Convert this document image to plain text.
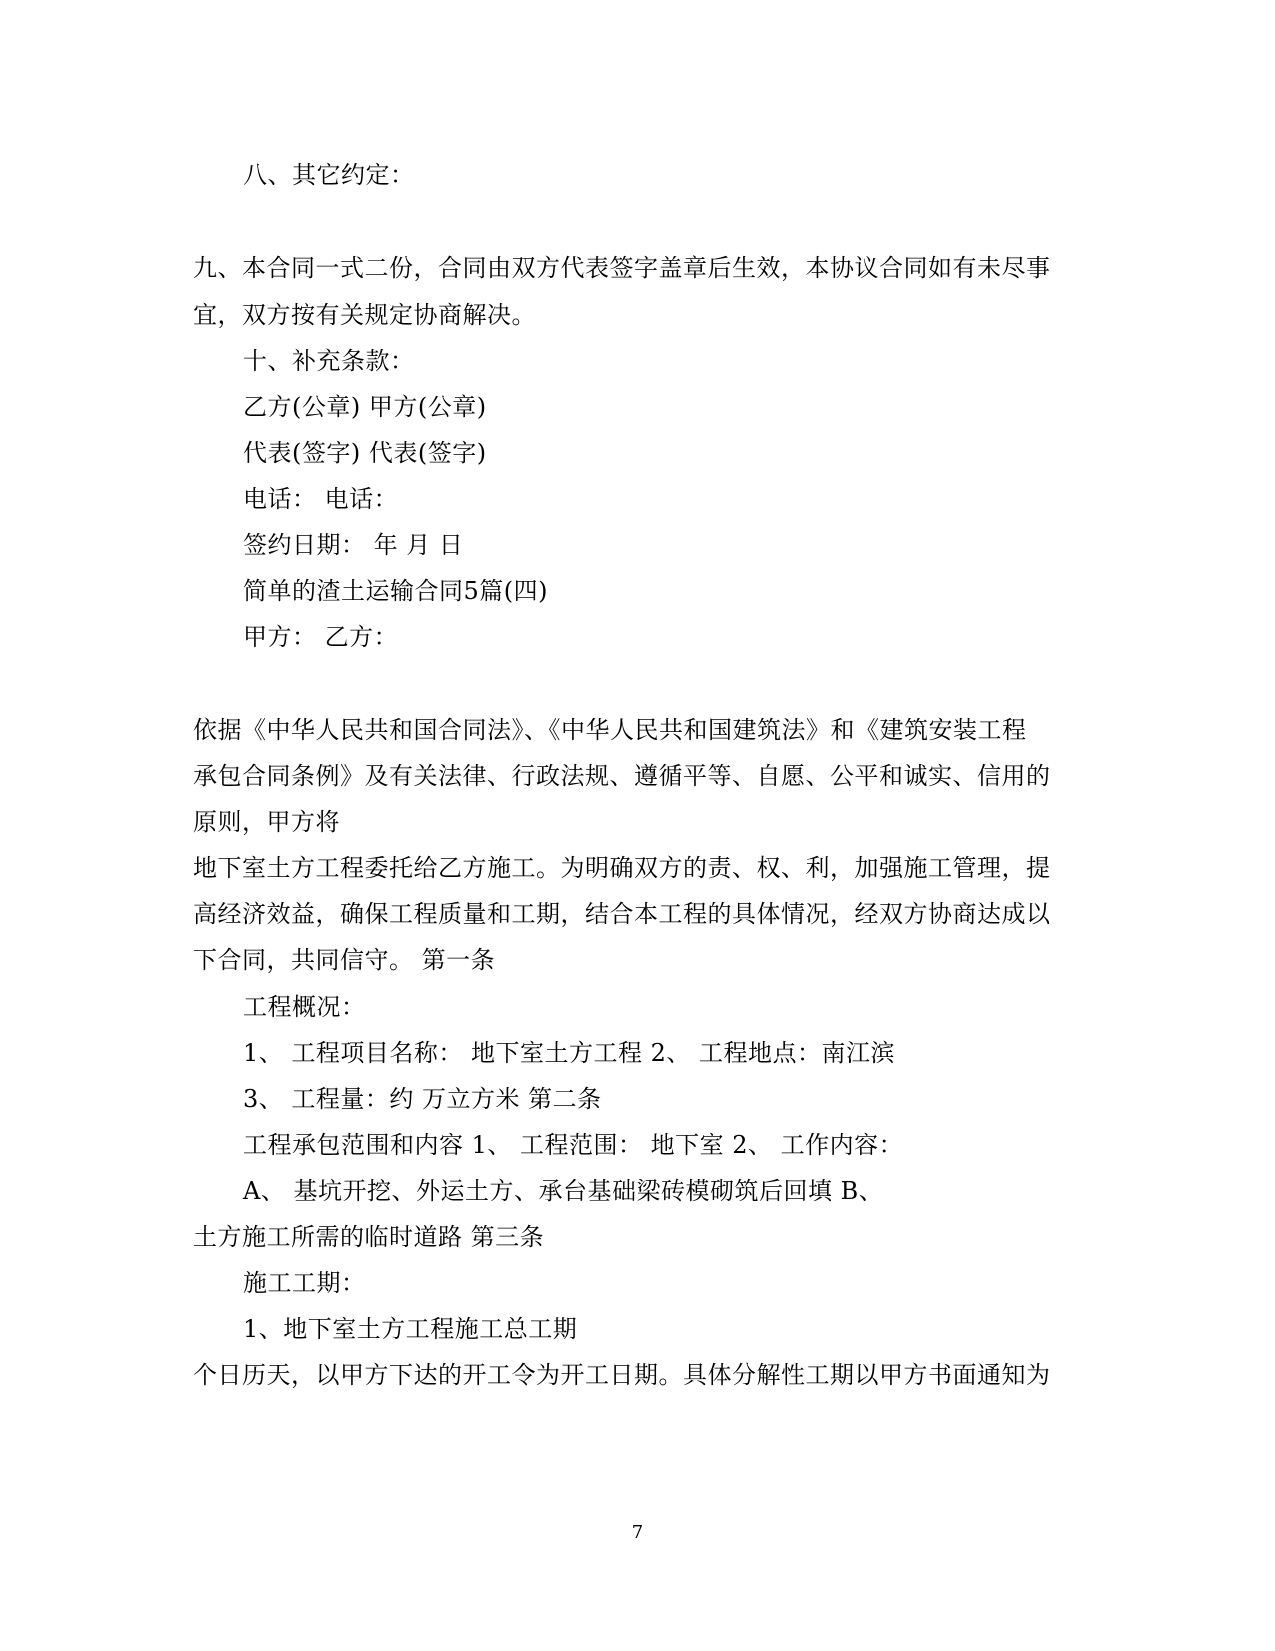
八、其它约定：
九、本合同一式二份，合同由双方代表签字盖章后生效，本协议合同如有未尽事
宜，双方按有关规定协商解决。
十、补充条款：
乙方(公章) 甲方(公章)
代表(签字) 代表(签字)
电话： 电话：
签约日期： 年 月 日
简单的渣土运输合同5篇(四)
甲方： 乙方：
依据《中华人民共和国合同法》、《中华人民共和国建筑法》和《建筑安装工程
承包合同条例》及有关法律、行政法规、遵循平等、自愿、公平和诚实、信用的
原则，甲方将
地下室土方工程委托给乙方施工。为明确双方的责、权、利，加强施工管理，提
高经济效益，确保工程质量和工期，结合本工程的具体情况，经双方协商达成以
下合同，共同信守。 第一条
工程概况：
1、 工程项目名称： 地下室土方工程 2、 工程地点：南江滨
3、 工程量：约 万立方米 第二条
工程承包范围和内容 1、 工程范围： 地下室 2、 工作内容：
A、 基坑开挖、外运土方、承台基础梁砖模砌筑后回填 B、
土方施工所需的临时道路 第三条
施工工期：
1、地下室土方工程施工总工期
个日历天，以甲方下达的开工令为开工日期。具体分解性工期以甲方书面通知为
7
